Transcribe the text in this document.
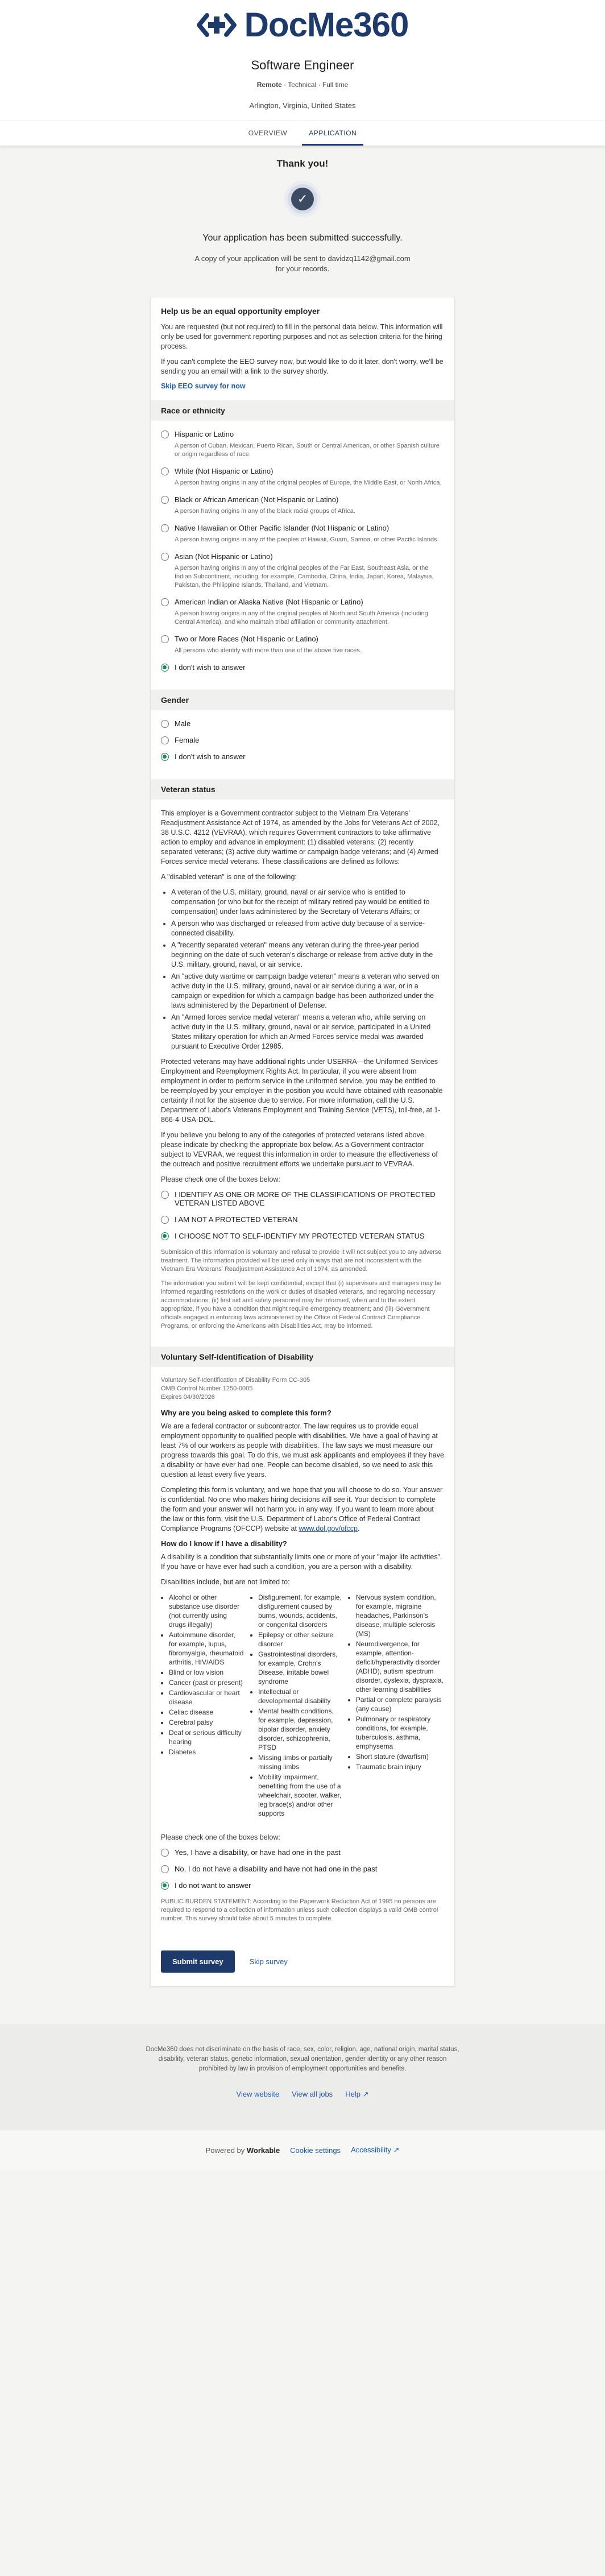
DocMe360
Software Engineer
Remote · Technical · Full time
Arlington, Virginia, United States
OVERVIEW	APPLICATION
Thank you!
✓
Your application has been submitted successfully.
A copy of your application will be sent to davidzq1142@gmail.com
for your records.
Help us be an equal opportunity employer

You are requested (but not required) to fill in the personal data below. This information will only be used for government reporting purposes and not as selection criteria for the hiring process.

If you can't complete the EEO survey now, but would like to do it later, don't worry, we'll be sending you an email with a link to the survey shortly.

Skip EEO survey for now
Race or ethnicity
Hispanic or Latino
A person of Cuban, Mexican, Puerto Rican, South or Central American, or other Spanish culture or origin regardless of race.
White (Not Hispanic or Latino)
A person having origins in any of the original peoples of Europe, the Middle East, or North Africa.
Black or African American (Not Hispanic or Latino)
A person having origins in any of the black racial groups of Africa.
Native Hawaiian or Other Pacific Islander (Not Hispanic or Latino)
A person having origins in any of the peoples of Hawaii, Guam, Samoa, or other Pacific Islands.
Asian (Not Hispanic or Latino)
A person having origins in any of the original peoples of the Far East, Southeast Asia, or the Indian Subcontinent, including, for example, Cambodia, China, India, Japan, Korea, Malaysia, Pakistan, the Philippine Islands, Thailand, and Vietnam.
American Indian or Alaska Native (Not Hispanic or Latino)
A person having origins in any of the original peoples of North and South America (including Central America), and who maintain tribal affiliation or community attachment.
Two or More Races (Not Hispanic or Latino)
All persons who identify with more than one of the above five races.
I don't wish to answer
Gender
Male
Female
I don't wish to answer
Veteran status

This employer is a Government contractor subject to the Vietnam Era Veterans' Readjustment Assistance Act of 1974, as amended by the Jobs for Veterans Act of 2002, 38 U.S.C. 4212 (VEVRAA), which requires Government contractors to take affirmative action to employ and advance in employment: (1) disabled veterans; (2) recently separated veterans; (3) active duty wartime or campaign badge veterans; and (4) Armed Forces service medal veterans. These classifications are defined as follows:

A "disabled veteran" is one of the following:

• A veteran of the U.S. military, ground, naval or air service who is entitled to compensation (or who but for the receipt of military retired pay would be entitled to compensation) under laws administered by the Secretary of Veterans Affairs; or
• A person who was discharged or released from active duty because of a service-connected disability.
• A "recently separated veteran" means any veteran during the three-year period beginning on the date of such veteran's discharge or release from active duty in the U.S. military, ground, naval, or air service.
• An "active duty wartime or campaign badge veteran" means a veteran who served on active duty in the U.S. military, ground, naval or air service during a war, or in a campaign or expedition for which a campaign badge has been authorized under the laws administered by the Department of Defense.
• An "Armed forces service medal veteran" means a veteran who, while serving on active duty in the U.S. military, ground, naval or air service, participated in a United States military operation for which an Armed Forces service medal was awarded pursuant to Executive Order 12985.

Protected veterans may have additional rights under USERRA—the Uniformed Services Employment and Reemployment Rights Act. In particular, if you were absent from employment in order to perform service in the uniformed service, you may be entitled to be reemployed by your employer in the position you would have obtained with reasonable certainty if not for the absence due to service. For more information, call the U.S. Department of Labor's Veterans Employment and Training Service (VETS), toll-free, at 1-866-4-USA-DOL.

If you believe you belong to any of the categories of protected veterans listed above, please indicate by checking the appropriate box below. As a Government contractor subject to VEVRAA, we request this information in order to measure the effectiveness of the outreach and positive recruitment efforts we undertake pursuant to VEVRAA.

Please check one of the boxes below:

I IDENTIFY AS ONE OR MORE OF THE CLASSIFICATIONS OF PROTECTED VETERAN LISTED ABOVE
I AM NOT A PROTECTED VETERAN
I CHOOSE NOT TO SELF-IDENTIFY MY PROTECTED VETERAN STATUS

Submission of this information is voluntary and refusal to provide it will not subject you to any adverse treatment. The information provided will be used only in ways that are not inconsistent with the Vietnam Era Veterans' Readjustment Assistance Act of 1974, as amended.

The information you submit will be kept confidential, except that (i) supervisors and managers may be informed regarding restrictions on the work or duties of disabled veterans, and regarding necessary accommodations; (ii) first aid and safety personnel may be informed, when and to the extent appropriate, if you have a condition that might require emergency treatment; and (iii) Government officials engaged in enforcing laws administered by the Office of Federal Contract Compliance Programs, or enforcing the Americans with Disabilities Act, may be informed.

Voluntary Self-Identification of Disability
Voluntary Self-Identification of Disability Form CC-305
OMB Control Number 1250-0005
Expires 04/30/2026
Why are you being asked to complete this form?

We are a federal contractor or subcontractor. The law requires us to provide equal employment opportunity to qualified people with disabilities. We have a goal of having at least 7% of our workers as people with disabilities. The law says we must measure our progress towards this goal. To do this, we must ask applicants and employees if they have a disability or have ever had one. People can become disabled, so we need to ask this question at least every five years.

Completing this form is voluntary, and we hope that you will choose to do so. Your answer is confidential. No one who makes hiring decisions will see it. Your decision to complete the form and your answer will not harm you in any way. If you want to learn more about the law or this form, visit the U.S. Department of Labor's Office of Federal Contract Compliance Programs (OFCCP) website at www.dol.gov/ofccp.

How do I know if I have a disability?

A disability is a condition that substantially limits one or more of your "major life activities". If you have or have ever had such a condition, you are a person with a disability.

Disabilities include, but are not limited to:

• Alcohol or other substance use disorder (not currently using drugs illegally)
• Autoimmune disorder, for example, lupus, fibromyalgia, rheumatoid arthritis, HIV/AIDS
• Blind or low vision
• Cancer (past or present)
• Cardiovascular or heart disease
• Celiac disease
• Cerebral palsy
• Deaf or serious difficulty hearing
• Diabetes
• Disfigurement, for example, disfigurement caused by burns, wounds, accidents, or congenital disorders
• Epilepsy or other seizure disorder
• Gastrointestinal disorders, for example, Crohn's Disease, irritable bowel syndrome
• Intellectual or developmental disability
• Mental health conditions, for example, depression, bipolar disorder, anxiety disorder, schizophrenia, PTSD
• Missing limbs or partially missing limbs
• Mobility impairment, benefiting from the use of a wheelchair, scooter, walker, leg brace(s) and/or other supports
• Nervous system condition, for example, migraine headaches, Parkinson's disease, multiple sclerosis (MS)
• Neurodivergence, for example, attention-deficit/hyperactivity disorder (ADHD), autism spectrum disorder, dyslexia, dyspraxia, other learning disabilities
• Partial or complete paralysis (any cause)
• Pulmonary or respiratory conditions, for example, tuberculosis, asthma, emphysema
• Short stature (dwarfism)
• Traumatic brain injury

Please check one of the boxes below:

Yes, I have a disability, or have had one in the past
No, I do not have a disability and have not had one in the past
I do not want to answer

PUBLIC BURDEN STATEMENT: According to the Paperwork Reduction Act of 1995 no persons are required to respond to a collection of information unless such collection displays a valid OMB control number. This survey should take about 5 minutes to complete.

Submit survey	Skip survey
DocMe360 does not discriminate on the basis of race, sex, color, religion, age, national origin, marital status, disability, veteran status, genetic information, sexual orientation, gender identity or any other reason prohibited by law in provision of employment opportunities and benefits.
View website View all jobs Help ↗
Powered by Workable Cookie settings Accessibility ↗
